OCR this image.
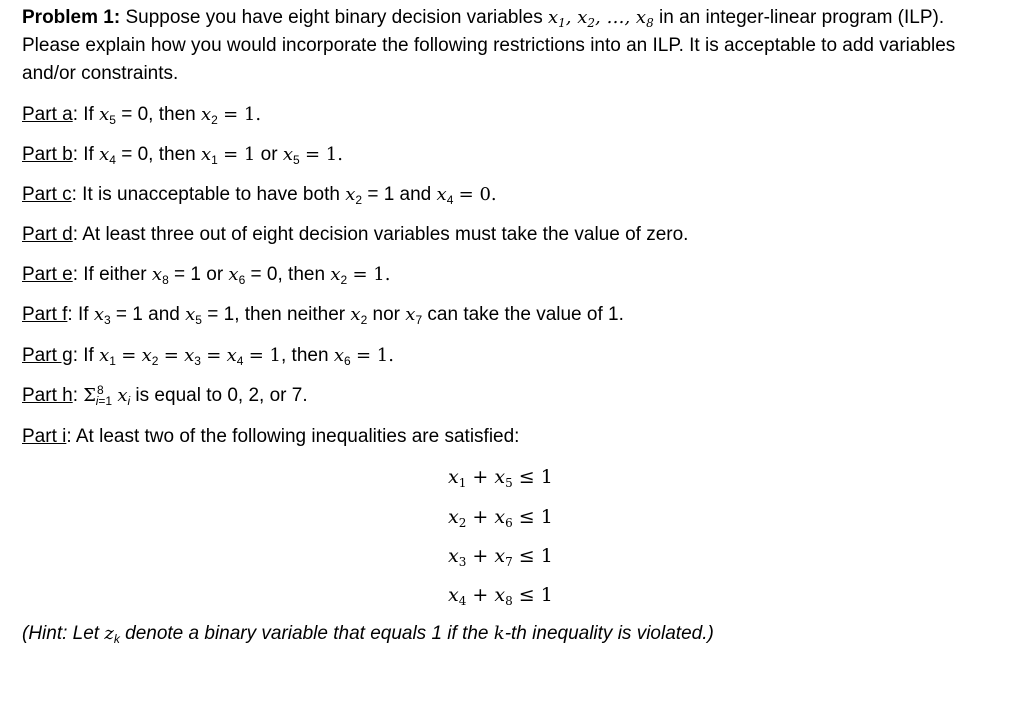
Problem 1: Suppose you have eight binary decision variables $x_1$, $x_2$, …, $x_8$ in an integer-linear program (ILP). Please explain how you would incorporate the following restrictions into an ILP. It is acceptable to add variables and/or constraints.
Part a: If $x_5 = 0$, then $x_2 = 1$.
Part b: If $x_4 = 0$, then $x_1 = 1$ or $x_5 = 1$.
Part c: It is unacceptable to have both $x_2 = 1$ and $x_4 = 0$.
Part d: At least three out of eight decision variables must take the value of zero.
Part e: If either $x_8 = 1$ or $x_6 = 0$, then $x_2 = 1$.
Part f: If $x_3 = 1$ and $x_5 = 1$, then neither $x_2$ nor $x_7$ can take the value of 1.
Part g: If $x_1 = x_2 = x_3 = x_4 = 1$, then $x_6 = 1$.
Part h: $\Sigma^8_{i=1}$ $x_i$ is equal to 0, 2, or 7.
Part i: At least two of the following inequalities are satisfied:
$x_1 + x_5 \le 1$
$x_2 + x_6 \le 1$
$x_3 + x_7 \le 1$
$x_4 + x_8 \le 1$
(Hint: Let $z_k$ denote a binary variable that equals 1 if the k-th inequality is violated.)
